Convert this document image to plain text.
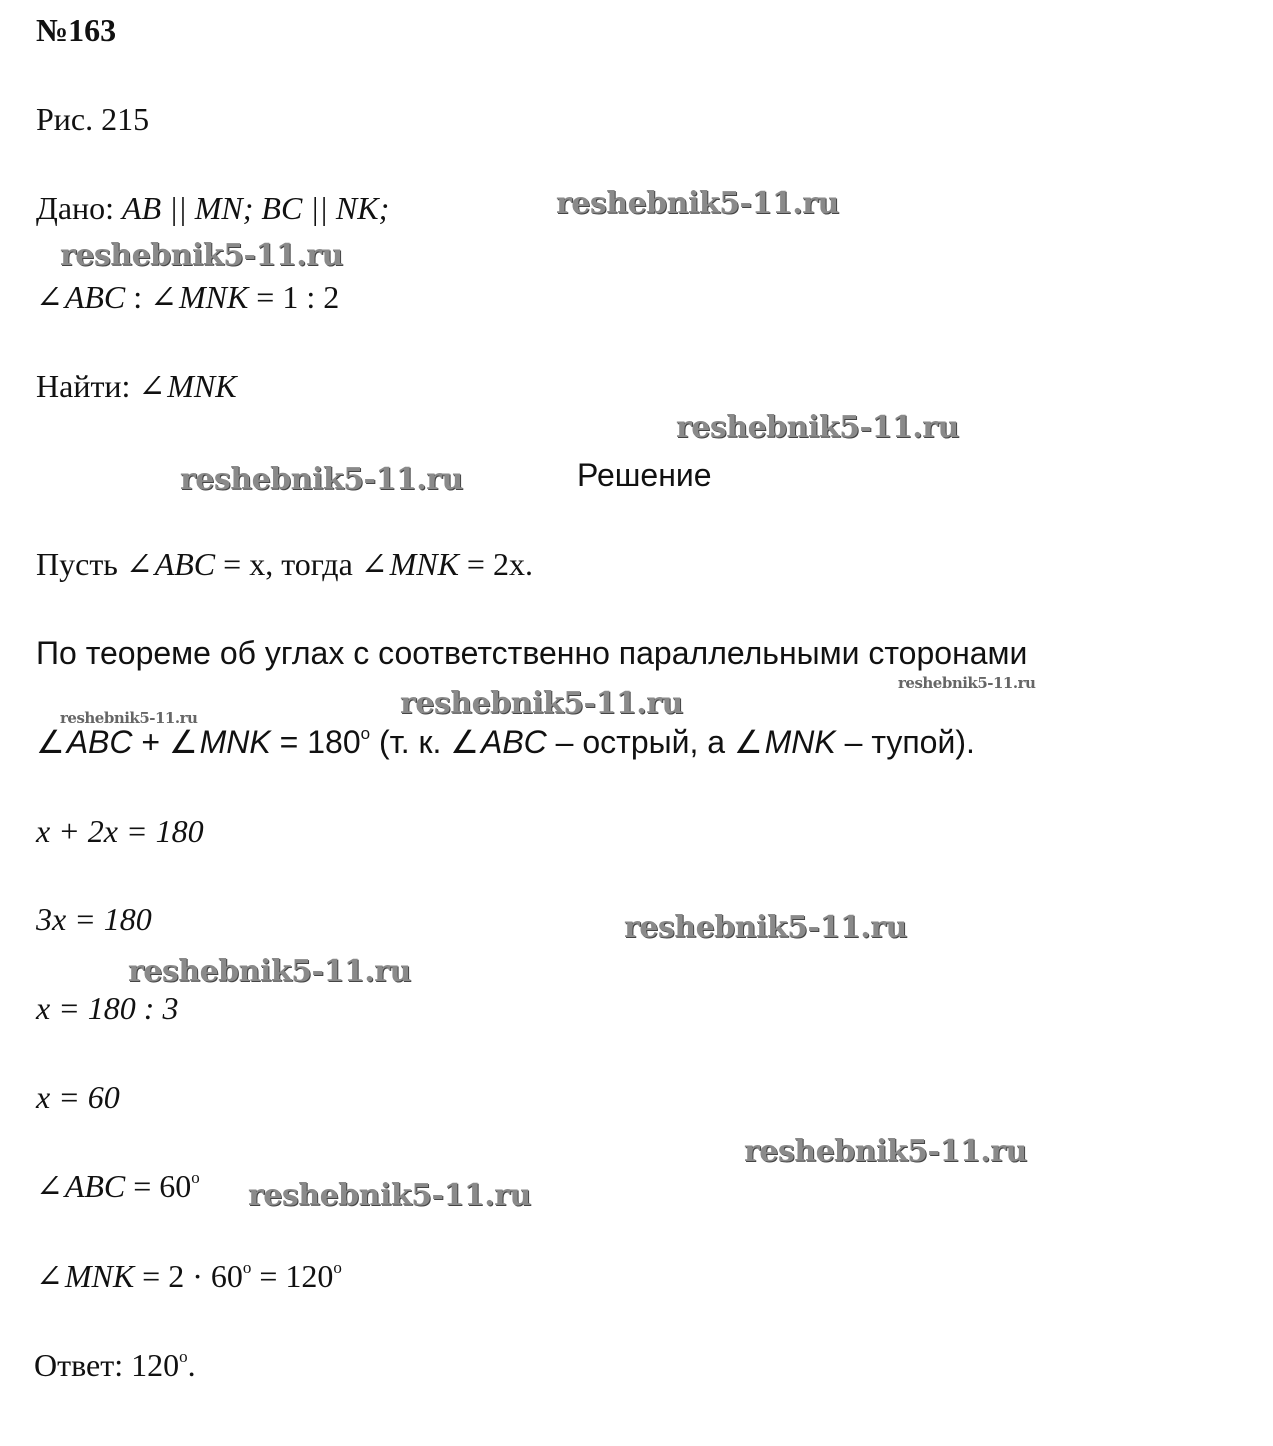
№163
Рис. 215
Дано: AB || MN; BC || NK;
∠ABC : ∠MNK = 1 : 2
Найти: ∠MNK
Решение
Пусть ∠ABC = x, тогда ∠MNK = 2x.
По теореме об углах с соответственно параллельными сторонами
∠ABC + ∠MNK = $180^o$ (т. к. ∠ABC – острый, а ∠MNK – тупой).
x + 2x = 180
3x = 180
x = 180 : 3
x = 60
∠ABC = $60^o$
∠MNK = $2 \cdot 60^o = 120^o$
Ответ: 120$^o$.
reshebnik5-11.ru
reshebnik5-11.ru
reshebnik5-11.ru
reshebnik5-11.ru
reshebnik5-11.ru
reshebnik5-11.ru
reshebnik5-11.ru
reshebnik5-11.ru
reshebnik5-11.ru
reshebnik5-11.ru
reshebnik5-11.ru
